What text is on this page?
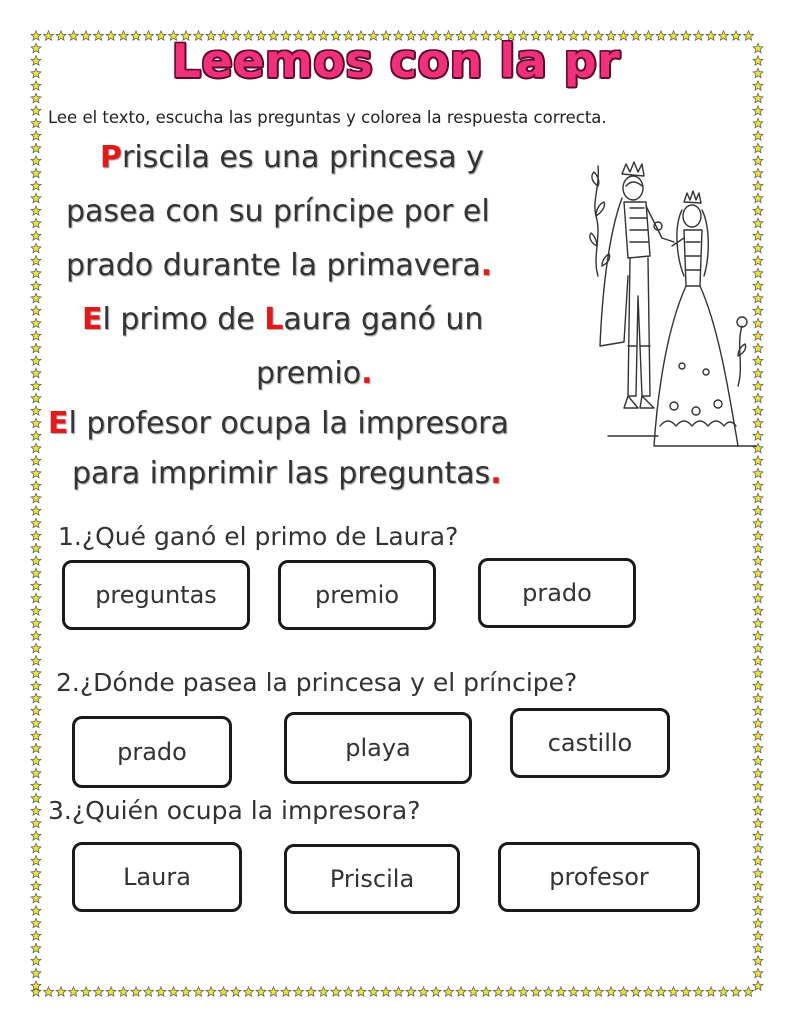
Leemos con la pr
Lee el texto, escucha las preguntas y colorea la respuesta correcta.
Priscila es una princesa y
pasea con su príncipe por el
prado durante la primavera.
El primo de Laura ganó un
premio.
El profesor ocupa la impresora
para imprimir las preguntas.
1.¿Qué ganó el primo de Laura?
preguntas	premio	prado
2.¿Dónde pasea la princesa y el príncipe?
prado	playa	castillo
3.¿Quién ocupa la impresora?
Laura	Priscila	profesor
